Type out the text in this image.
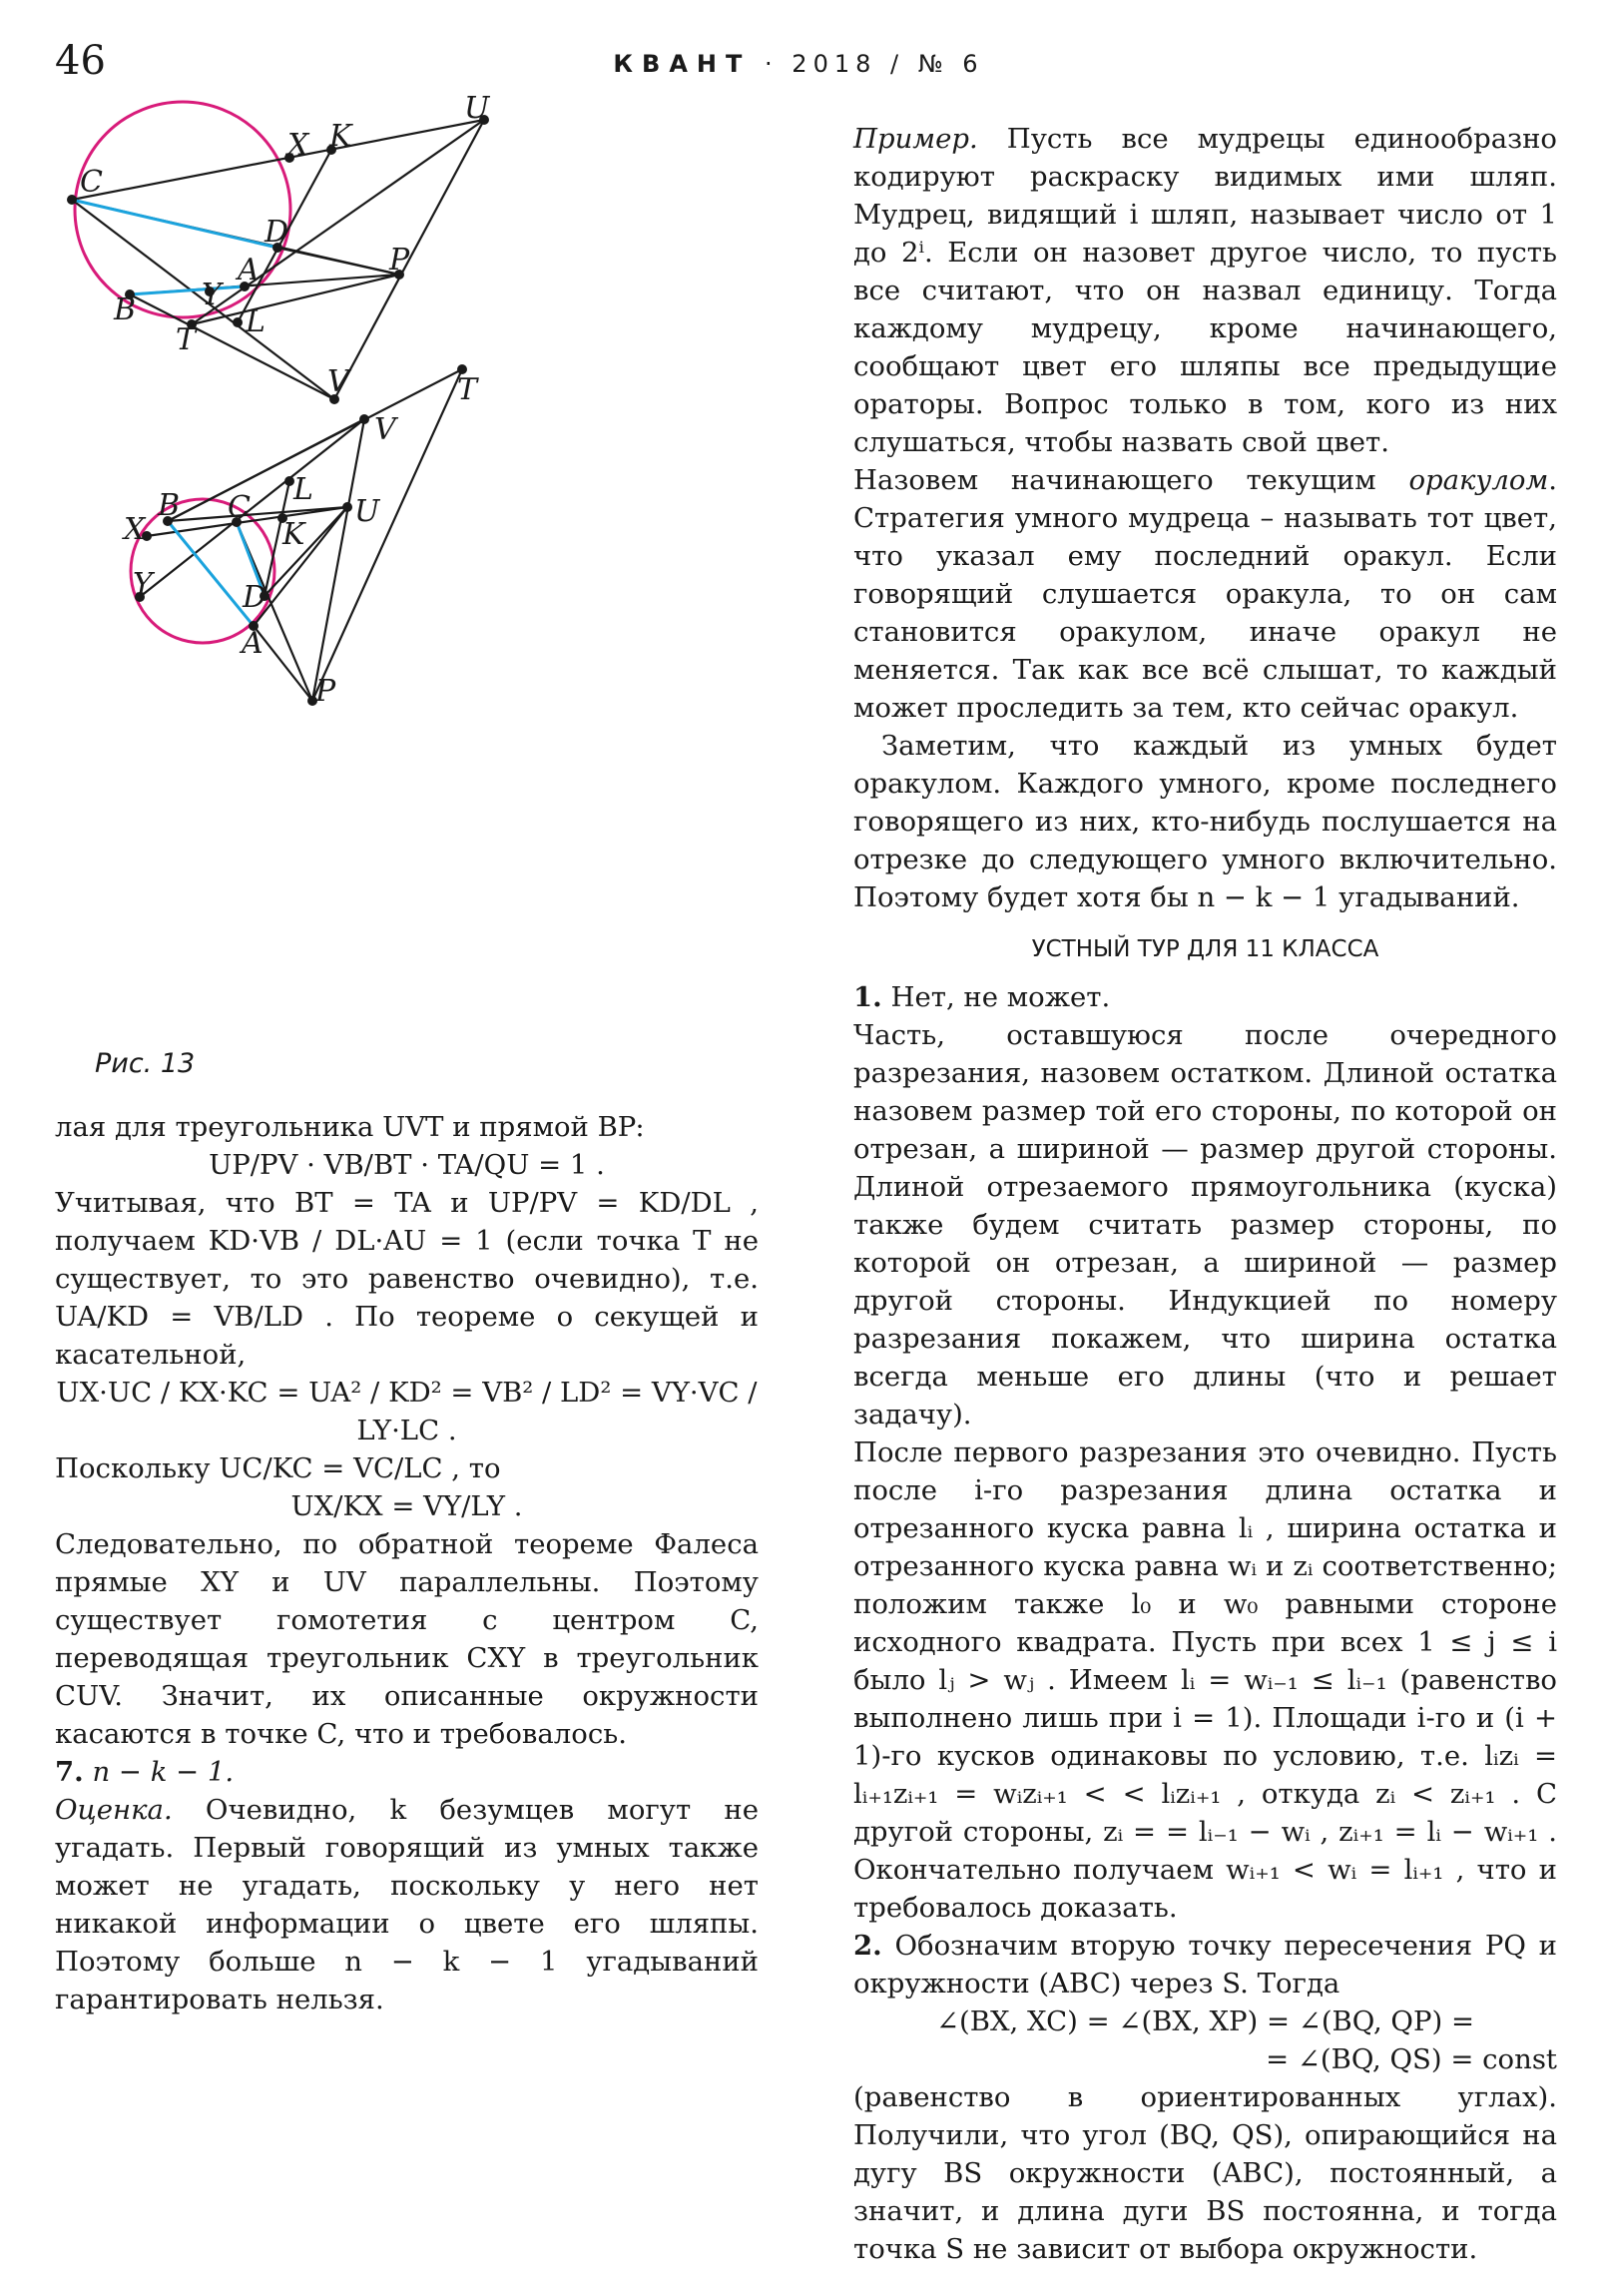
46	КВАНТ · 2018 / № 6
U
K
X
C
D
A	P
B Y
T
L
V	T
V
L
B C
X	K
U
Y	D
A
P
Рис. 13

лая для треугольника UVT и прямой BP:

UP/PV · VB/BT · TA/QU = 1 .

Учитывая, что BT = TA и UP/PV = KD/DL , получаем KD·VB / DL·AU = 1 (если точка T не существует, то это равенство очевидно), т.е. UA/KD = VB/LD . По теореме о секущей и касательной,

UX·UC / KX·KC = UA² / KD² = VB² / LD² = VY·VC / LY·LC .

Поскольку UC/KC = VC/LC , то

UX/KX = VY/LY .

Следовательно, по обратной теореме Фалеса прямые XY и UV параллельны. Поэтому существует гомотетия с центром C, переводящая треугольник CXY в треугольник CUV. Значит, их описанные окружности касаются в точке C, что и требовалось.

7. n − k − 1.

Оценка. Очевидно, k безумцев могут не угадать. Первый говорящий из умных также может не угадать, поскольку у него нет никакой информации о цвете его шляпы. Поэтому больше n − k − 1 угадываний гарантировать нельзя.

Пример. Пусть все мудрецы единообразно кодируют раскраску видимых ими шляп. Мудрец, видящий i шляп, называет число от 1 до 2ⁱ. Если он назовет другое число, то пусть все считают, что он назвал единицу. Тогда каждому мудрецу, кроме начинающего, сообщают цвет его шляпы все предыдущие ораторы. Вопрос только в том, кого из них слушаться, чтобы назвать свой цвет.

Назовем начинающего текущим оракулом. Стратегия умного мудреца – называть тот цвет, что указал ему последний оракул. Если говорящий слушается оракула, то он сам становится оракулом, иначе оракул не меняется. Так как все всё слышат, то каждый может проследить за тем, кто сейчас оракул.

Заметим, что каждый из умных будет оракулом. Каждого умного, кроме последнего говорящего из них, кто-нибудь послушается на отрезке до следующего умного включительно. Поэтому будет хотя бы n − k − 1 угадываний.

УСТНЫЙ ТУР ДЛЯ 11 КЛАССА

1. Нет, не может.

Часть, оставшуюся после очередного разрезания, назовем остатком. Длиной остатка назовем размер той его стороны, по которой он отрезан, а шириной — размер другой стороны. Длиной отрезаемого прямоугольника (куска) также будем считать размер стороны, по которой он отрезан, а шириной — размер другой стороны. Индукцией по номеру разрезания покажем, что ширина остатка всегда меньше его длины (что и решает задачу).

После первого разрезания это очевидно. Пусть после i-го разрезания длина остатка и отрезанного куска равна lᵢ , ширина остатка и отрезанного куска равна wᵢ и zᵢ соответственно; положим также l₀ и w₀ равными стороне исходного квадрата. Пусть при всех 1 ≤ j ≤ i было lⱼ > wⱼ . Имеем lᵢ = wᵢ₋₁ ≤ lᵢ₋₁ (равенство выполнено лишь при i = 1). Площади i-го и (i + 1)-го кусков одинаковы по условию, т.е. lᵢzᵢ = lᵢ₊₁zᵢ₊₁ = wᵢzᵢ₊₁ < < lᵢzᵢ₊₁ , откуда zᵢ < zᵢ₊₁ . С другой стороны, zᵢ = = lᵢ₋₁ − wᵢ , zᵢ₊₁ = lᵢ − wᵢ₊₁ . Окончательно получаем wᵢ₊₁ < wᵢ = lᵢ₊₁ , что и требовалось доказать.

2. Обозначим вторую точку пересечения PQ и окружности (ABC) через S. Тогда

∠(BX, XC) = ∠(BX, XP) = ∠(BQ, QP) =

= ∠(BQ, QS) = const

(равенство в ориентированных углах). Получили, что угол (BQ, QS), опирающийся на дугу BS окружности (ABC), постоянный, а значит, и длина дуги BS постоянна, и тогда точка S не зависит от выбора окружности.
